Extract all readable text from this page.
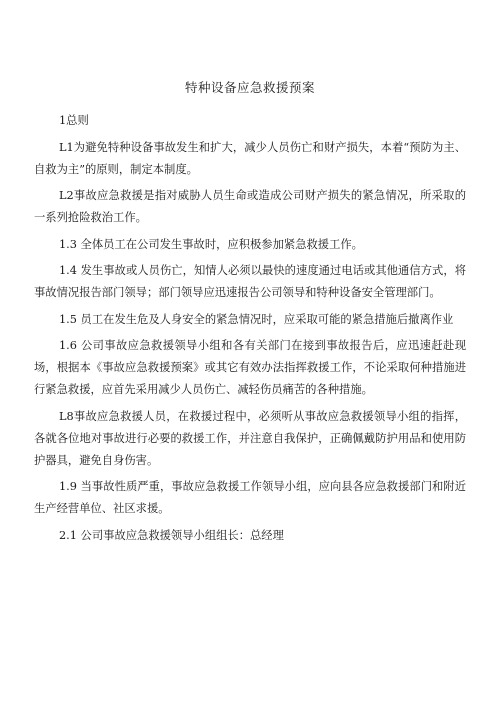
特种设备应急救援预案

1总则

L1为避免特种设备事故发生和扩大，减少人员伤亡和财产损失，本着“预防为主、自救为主”的原则，制定本制度。

L2事故应急救援是指对威胁人员生命或造成公司财产损失的紧急情况，所采取的一系列抢险救治工作。

1.3 全体员工在公司发生事故时，应积极参加紧急救援工作。

1.4 发生事故或人员伤亡，知情人必须以最快的速度通过电话或其他通信方式，将事故情况报告部门领导；部门领导应迅速报告公司领导和特种设备安全管理部门。

1.5 员工在发生危及人身安全的紧急情况时，应采取可能的紧急措施后撤离作业

1.6 公司事故应急救援领导小组和各有关部门在接到事故报告后，应迅速赶赴现场，根据本《事故应急救援预案》或其它有效办法指挥救援工作，不论采取何种措施进行紧急救援，应首先采用减少人员伤亡、减轻伤员痛苦的各种措施。

L8事故应急救援人员，在救援过程中，必须听从事故应急救援领导小组的指挥，各就各位地对事故进行必要的救援工作，并注意自我保护，正确佩戴防护用品和使用防护器具，避免自身伤害。

1.9 当事故性质严重，事故应急救援工作领导小组，应向县各应急救援部门和附近生产经营单位、社区求援。

2.1 公司事故应急救援领导小组组长：总经理
